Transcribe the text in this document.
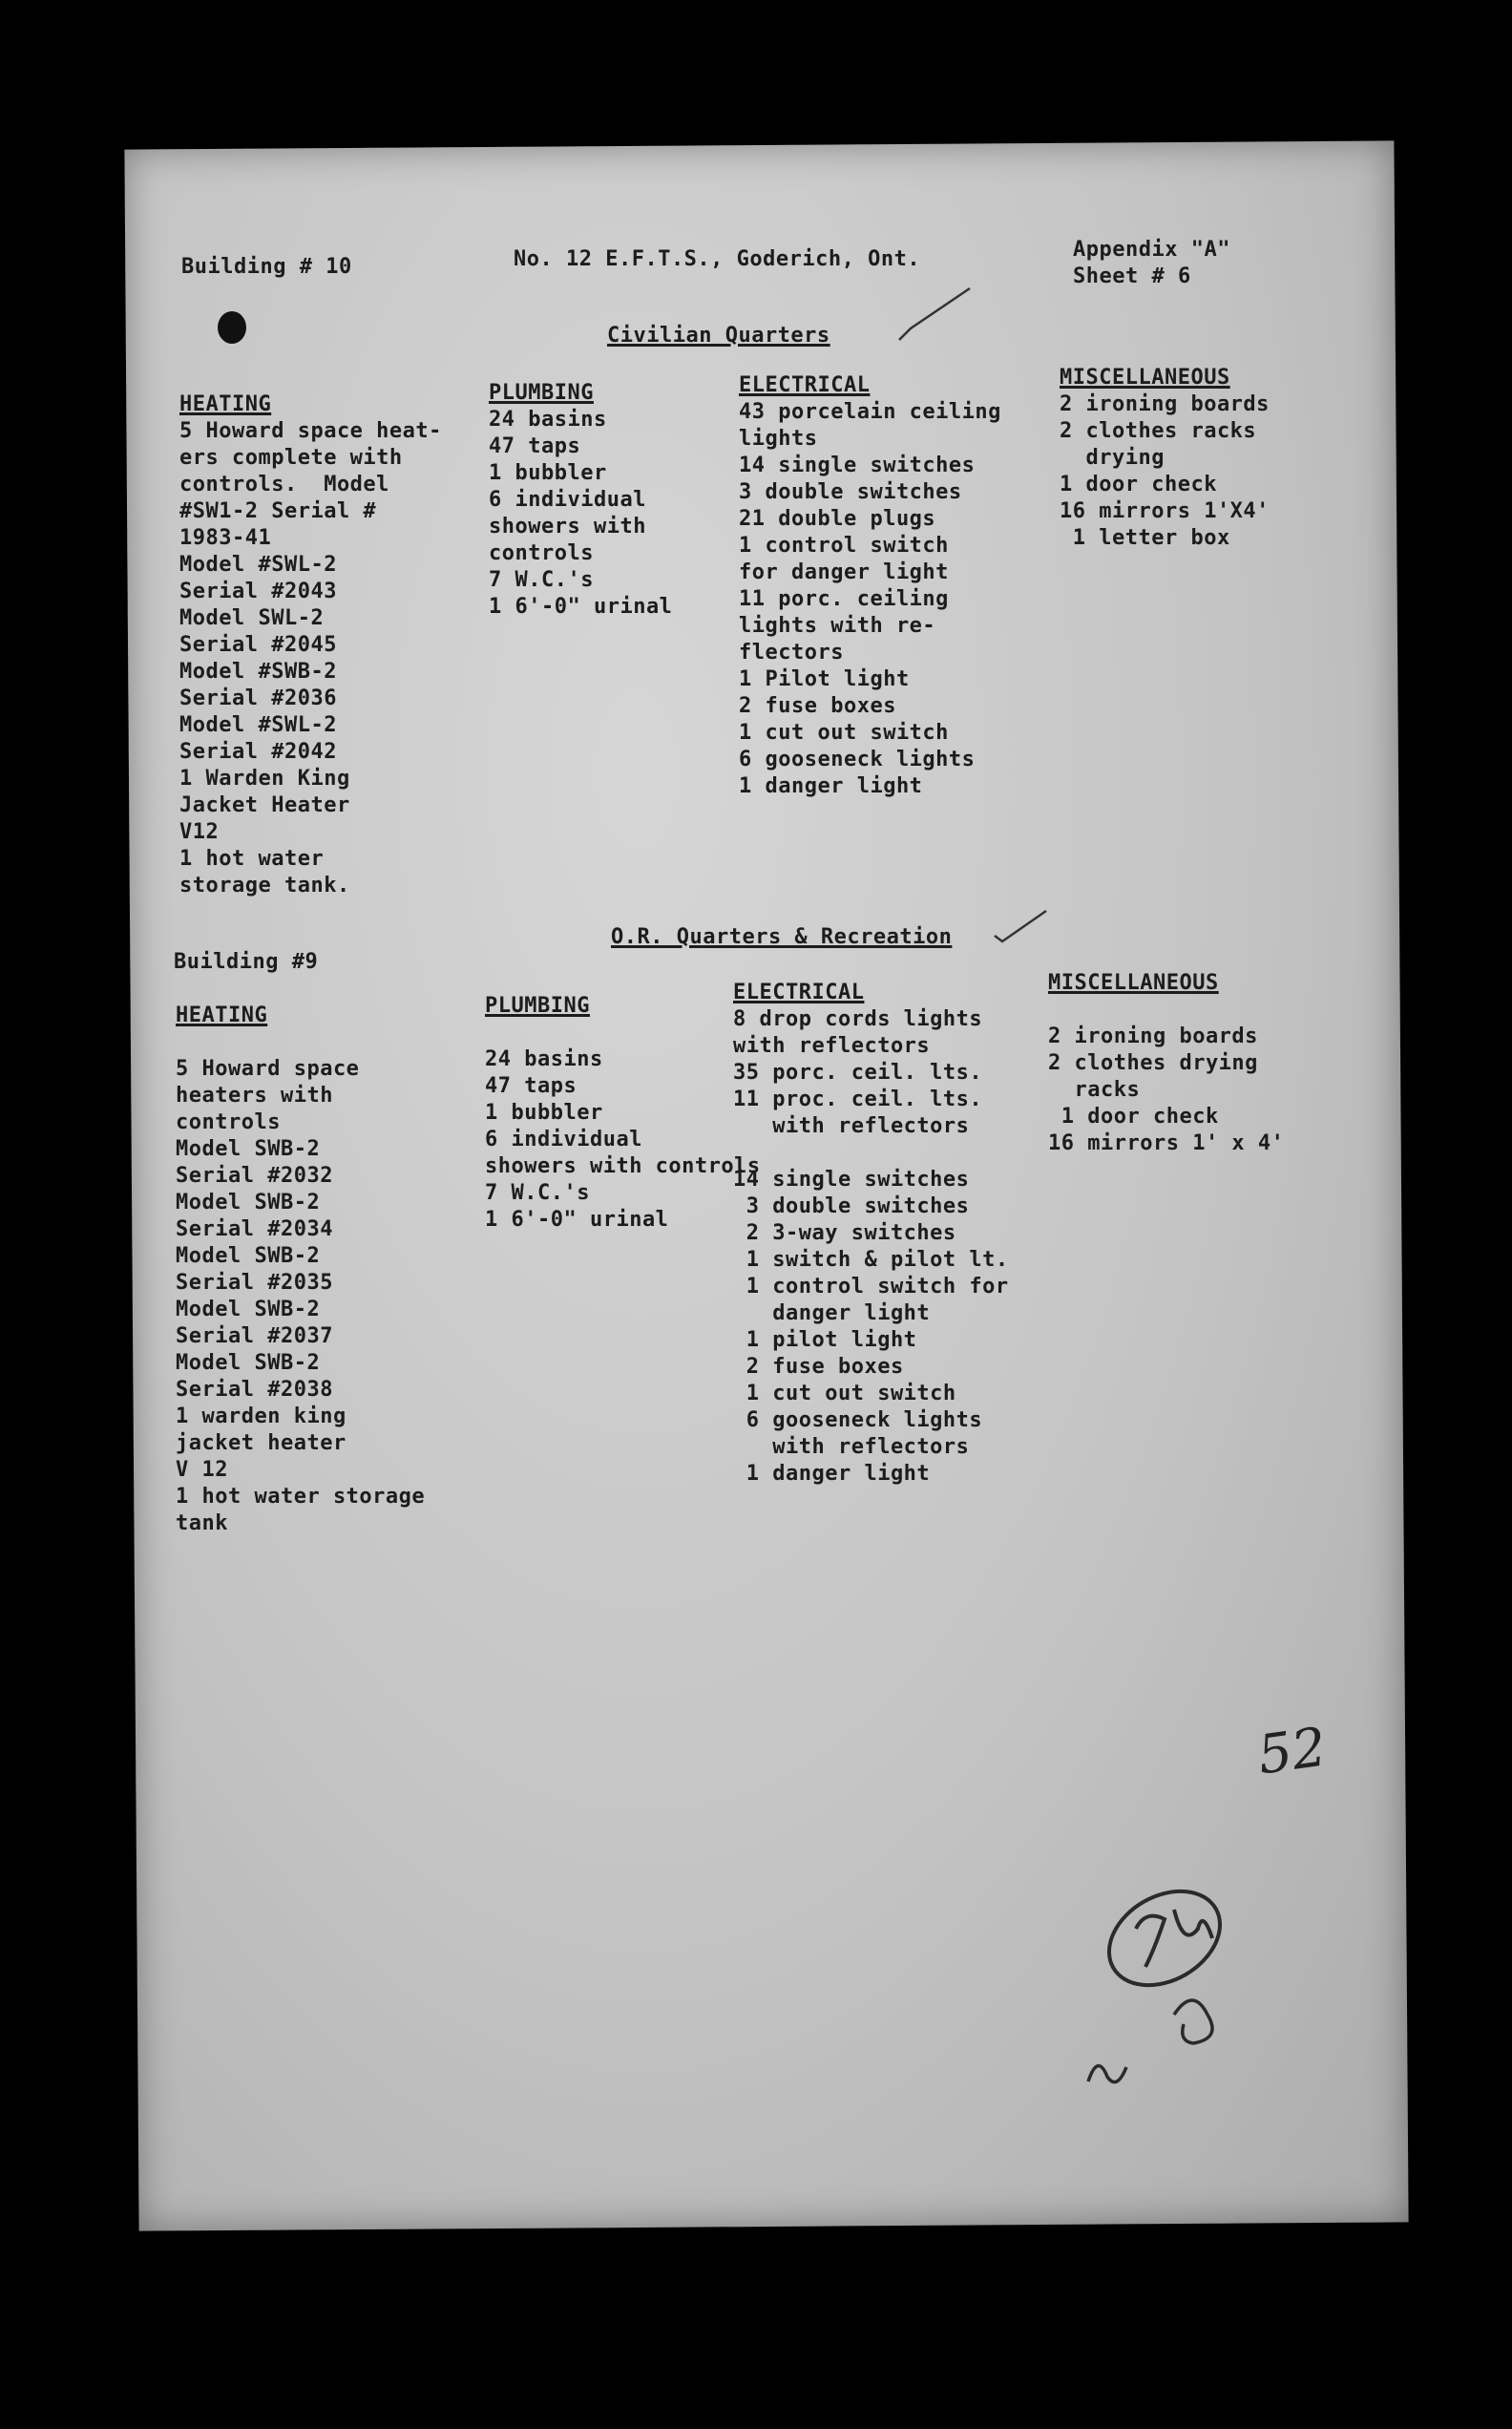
Building # 10	No. 12 E.F.T.S., Goderich, Ont.	Appendix "A"
Sheet # 6
Civilian Quarters
HEATING
5 Howard space heat-
ers complete with
controls.  Model
#SW1-2 Serial #
1983-41
Model #SWL-2
Serial #2043
Model SWL-2
Serial #2045
Model #SWB-2
Serial #2036
Model #SWL-2
Serial #2042
1 Warden King
Jacket Heater
V12
1 hot water
storage tank.
PLUMBING
24 basins
47 taps
1 bubbler
6 individual
showers with
controls
7 W.C.'s
1 6'-0" urinal
ELECTRICAL
43 porcelain ceiling
lights
14 single switches
3 double switches
21 double plugs
1 control switch
for danger light
11 porc. ceiling
lights with re-
flectors
1 Pilot light
2 fuse boxes
1 cut out switch
6 gooseneck lights
1 danger light
MISCELLANEOUS
2 ironing boards
2 clothes racks
drying
1 door check
16 mirrors 1'X4'
1 letter box
O.R. Quarters & Recreation
Building #9
HEATING

5 Howard space
heaters with
controls
Model SWB-2
Serial #2032
Model SWB-2
Serial #2034
Model SWB-2
Serial #2035
Model SWB-2
Serial #2037
Model SWB-2
Serial #2038
1 warden king
jacket heater
V 12
1 hot water storage
tank
PLUMBING

24 basins
47 taps
1 bubbler
6 individual
showers with controls
7 W.C.'s
1 6'-0" urinal
ELECTRICAL
8 drop cords lights
with reflectors
35 porc. ceil. lts.
11 proc. ceil. lts.
with reflectors

14 single switches
3 double switches
2 3-way switches
1 switch & pilot lt.
1 control switch for
danger light
1 pilot light
2 fuse boxes
1 cut out switch
6 gooseneck lights
with reflectors
1 danger light
MISCELLANEOUS

2 ironing boards
2 clothes drying
racks
1 door check
16 mirrors 1' x 4'
52
